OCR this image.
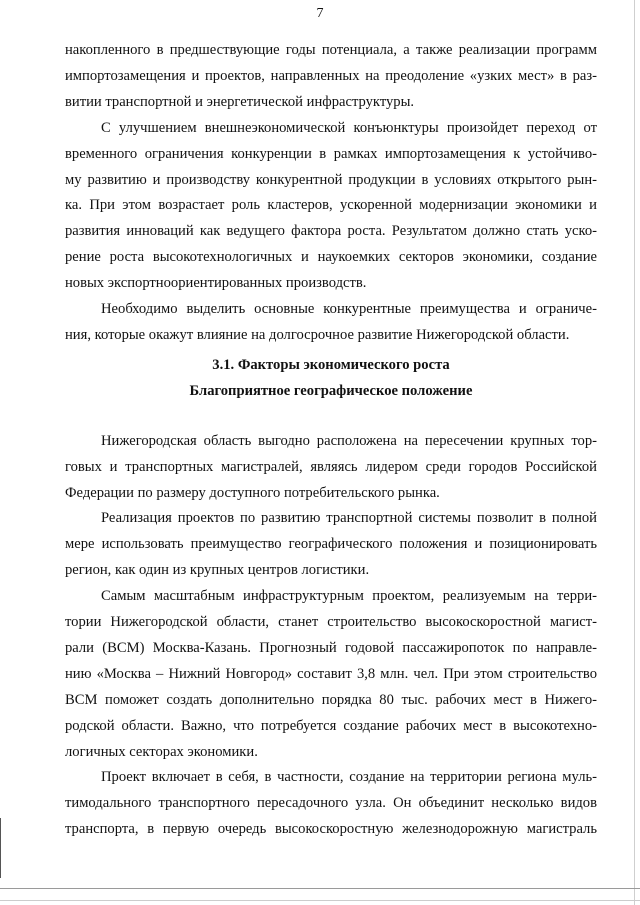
7
накопленного в предшествующие годы потенциала, а также реализации программ
импортозамещения и проектов, направленных на преодоление «узких мест» в раз-
витии транспортной и энергетической инфраструктуры.
С улучшением внешнеэкономической конъюнктуры произойдет переход от
временного ограничения конкуренции в рамках импортозамещения к устойчиво-
му развитию и производству конкурентной продукции в условиях открытого рын-
ка. При этом возрастает роль кластеров, ускоренной модернизации экономики и
развития инноваций как ведущего фактора роста. Результатом должно стать уско-
рение роста высокотехнологичных и наукоемких секторов экономики, создание
новых экспортноориентированных производств.
Необходимо выделить основные конкурентные преимущества и ограниче-
ния, которые окажут влияние на долгосрочное развитие Нижегородской области.
3.1. Факторы экономического роста
Благоприятное географическое положение
Нижегородская область выгодно расположена на пересечении крупных тор-
говых и транспортных магистралей, являясь лидером среди городов Российской
Федерации по размеру доступного потребительского рынка.
Реализация проектов по развитию транспортной системы позволит в полной
мере использовать преимущество географического положения и позиционировать
регион, как один из крупных центров логистики.
Самым масштабным инфраструктурным проектом, реализуемым на терри-
тории Нижегородской области, станет строительство высокоскоростной магист-
рали (ВСМ) Москва-Казань. Прогнозный годовой пассажиропоток по направле-
нию «Москва – Нижний Новгород» составит 3,8 млн. чел. При этом строительство
ВСМ поможет создать дополнительно порядка 80 тыс. рабочих мест в Нижего-
родской области. Важно, что потребуется создание рабочих мест в высокотехно-
логичных секторах экономики.
Проект включает в себя, в частности, создание на территории региона муль-
тимодального транспортного пересадочного узла. Он объединит несколько видов
транспорта, в первую очередь высокоскоростную железнодорожную магистраль
